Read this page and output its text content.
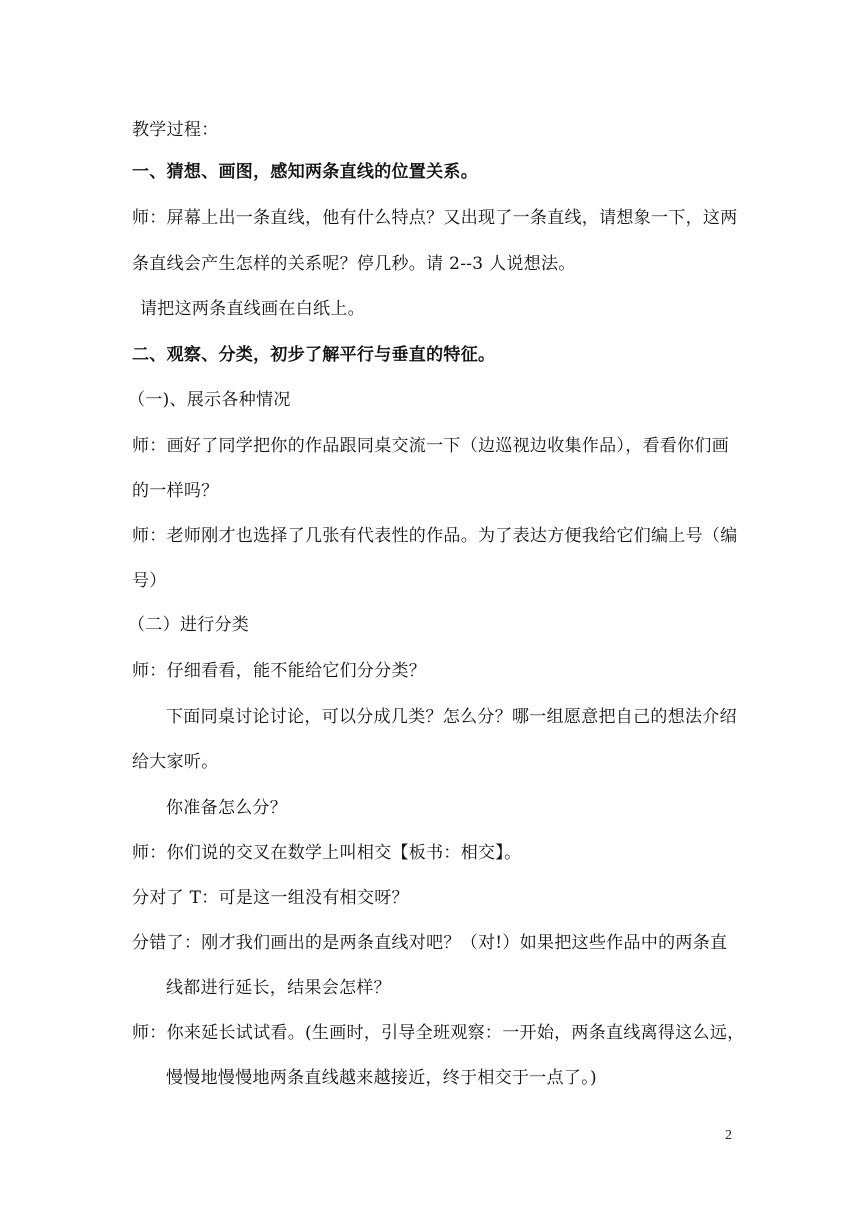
教学过程：
一、猜想、画图，感知两条直线的位置关系。
师：屏幕上出一条直线，他有什么特点？又出现了一条直线，请想象一下，这两
条直线会产生怎样的关系呢？停几秒。请 2--3 人说想法。
请把这两条直线画在白纸上。
二、观察、分类，初步了解平行与垂直的特征。
（一)、展示各种情况
师：画好了同学把你的作品跟同桌交流一下（边巡视边收集作品），看看你们画
的一样吗？
师：老师刚才也选择了几张有代表性的作品。为了表达方便我给它们编上号（编
号）
（二）进行分类
师：仔细看看，能不能给它们分分类？
下面同桌讨论讨论，可以分成几类？怎么分？哪一组愿意把自己的想法介绍
给大家听。
你准备怎么分？
师：你们说的交叉在数学上叫相交【板书：相交】。
分对了 T：可是这一组没有相交呀？
分错了：刚才我们画出的是两条直线对吧？（对!）如果把这些作品中的两条直
线都进行延长，结果会怎样？
师：你来延长试试看。(生画时，引导全班观察：一开始，两条直线离得这么远，
慢慢地慢慢地两条直线越来越接近，终于相交于一点了。)
2
